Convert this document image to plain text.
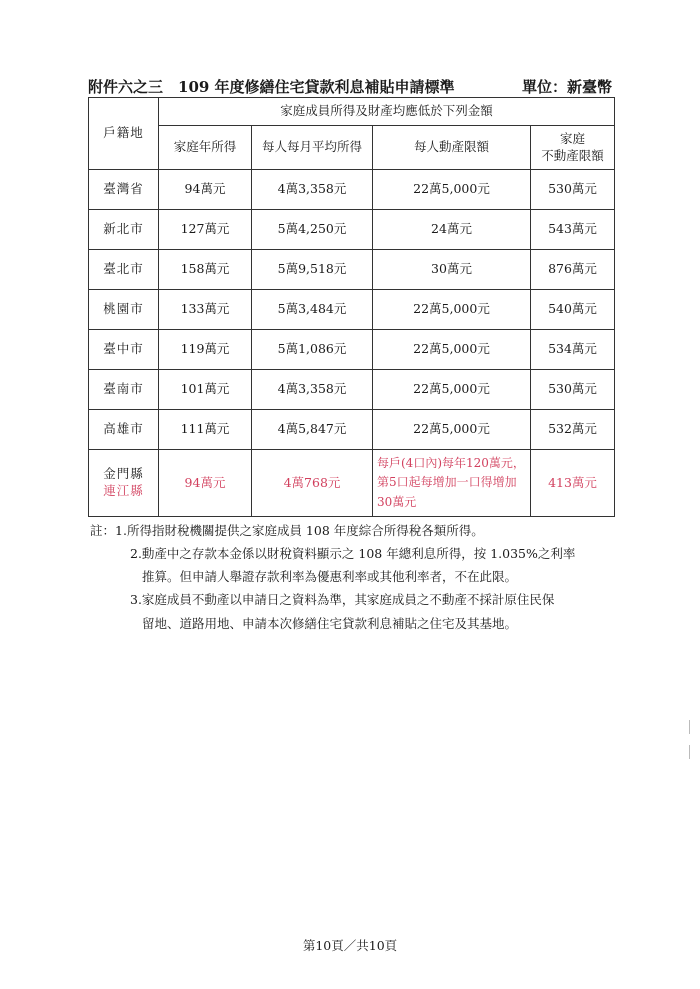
附件六之三　109 年度修繕住宅貸款利息補貼申請標準	單位：新臺幣
戶籍地	家庭成員所得及財產均應低於下列金額			
	家庭年所得	每人每月平均所得	每人動產限額	家庭
不動產限額
臺灣省	94萬元	4萬3,358元	22萬5,000元	530萬元
新北市	127萬元	5萬4,250元	24萬元	543萬元
臺北市	158萬元	5萬9,518元	30萬元	876萬元
桃園市	133萬元	5萬3,484元	22萬5,000元	540萬元
臺中市	119萬元	5萬1,086元	22萬5,000元	534萬元
臺南市	101萬元	4萬3,358元	22萬5,000元	530萬元
高雄市	111萬元	4萬5,847元	22萬5,000元	532萬元

金門縣
連江縣	94萬元	4萬768元	每戶(4口內)每年120萬元，第5口起每增加一口得增加30萬元	413萬元
註：1.所得指財稅機關提供之家庭成員 108 年度綜合所得稅各類所得。
2.動產中之存款本金係以財稅資料顯示之 108 年總利息所得，按 1.035%之利率
推算。但申請人舉證存款利率為優惠利率或其他利率者，不在此限。
3.家庭成員不動產以申請日之資料為準，其家庭成員之不動產不採計原住民保
留地、道路用地、申請本次修繕住宅貸款利息補貼之住宅及其基地。
第10頁／共10頁
